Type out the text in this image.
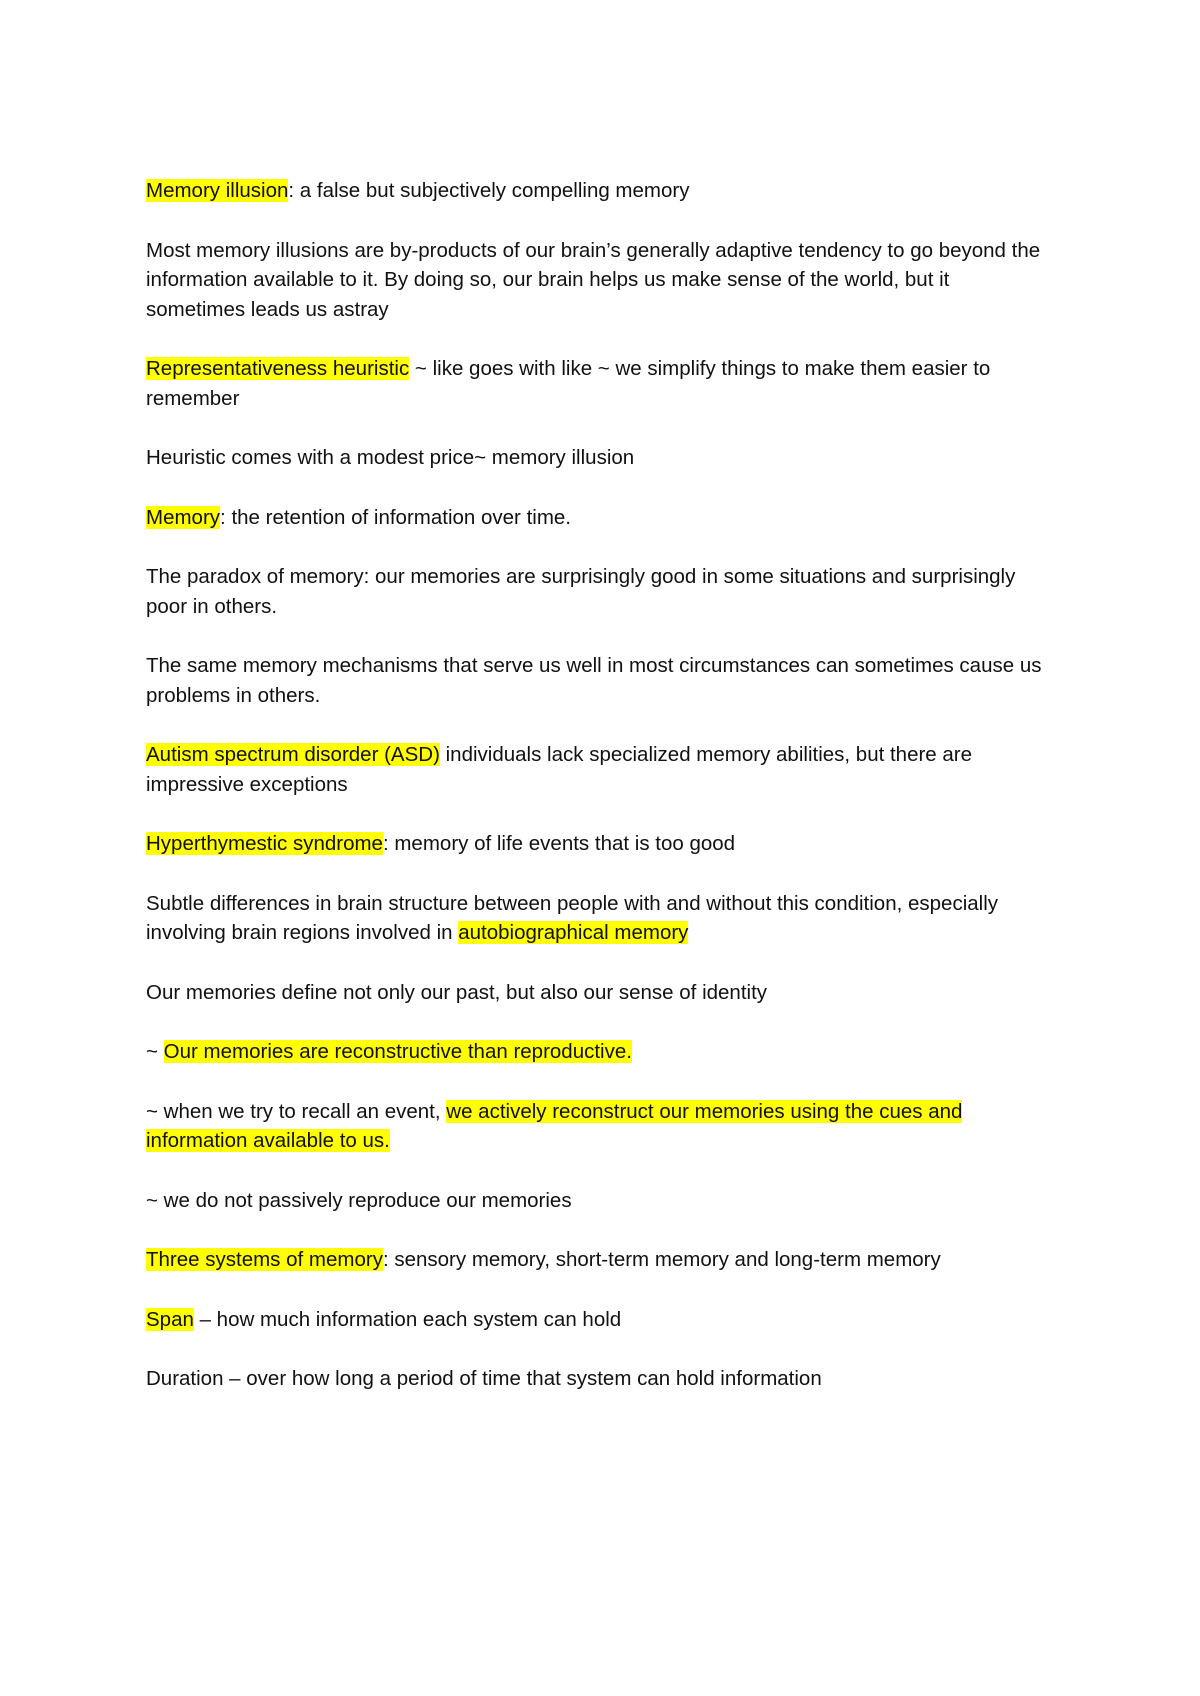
Memory illusion: a false but subjectively compelling memory

Most memory illusions are by-products of our brain’s generally adaptive tendency to go beyond the information available to it. By doing so, our brain helps us make sense of the world, but it sometimes leads us astray

Representativeness heuristic ~ like goes with like ~ we simplify things to make them easier to remember

Heuristic comes with a modest price~ memory illusion

Memory: the retention of information over time.

The paradox of memory: our memories are surprisingly good in some situations and surprisingly poor in others.

The same memory mechanisms that serve us well in most circumstances can sometimes cause us problems in others.

Autism spectrum disorder (ASD) individuals lack specialized memory abilities, but there are impressive exceptions

Hyperthymestic syndrome: memory of life events that is too good

Subtle differences in brain structure between people with and without this condition, especially involving brain regions involved in autobiographical memory

Our memories define not only our past, but also our sense of identity

~ Our memories are reconstructive than reproductive.

~ when we try to recall an event, we actively reconstruct our memories using the cues and information available to us.

~ we do not passively reproduce our memories

Three systems of memory: sensory memory, short-term memory and long-term memory

Span – how much information each system can hold

Duration – over how long a period of time that system can hold information
